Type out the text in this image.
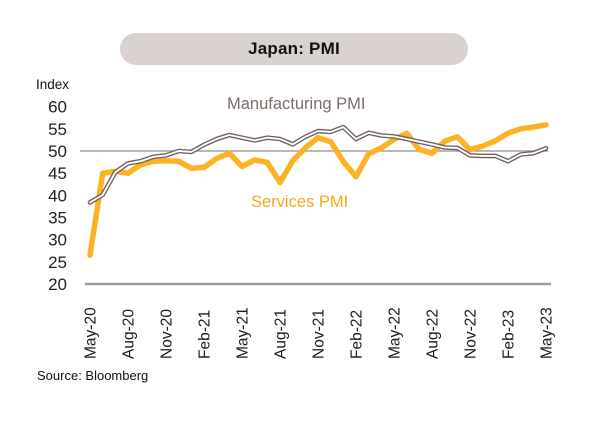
Japan: PMI
Index
60
55
50
45
40
35
30
25
20
May-20 Aug-20 Nov-20 Feb-21 May-21 Aug-21 Nov-21 Feb-22 May-22 Aug-22 Nov-22 Feb-23 May-23
Manufacturing PMI
Services PMI
Source: Bloomberg
